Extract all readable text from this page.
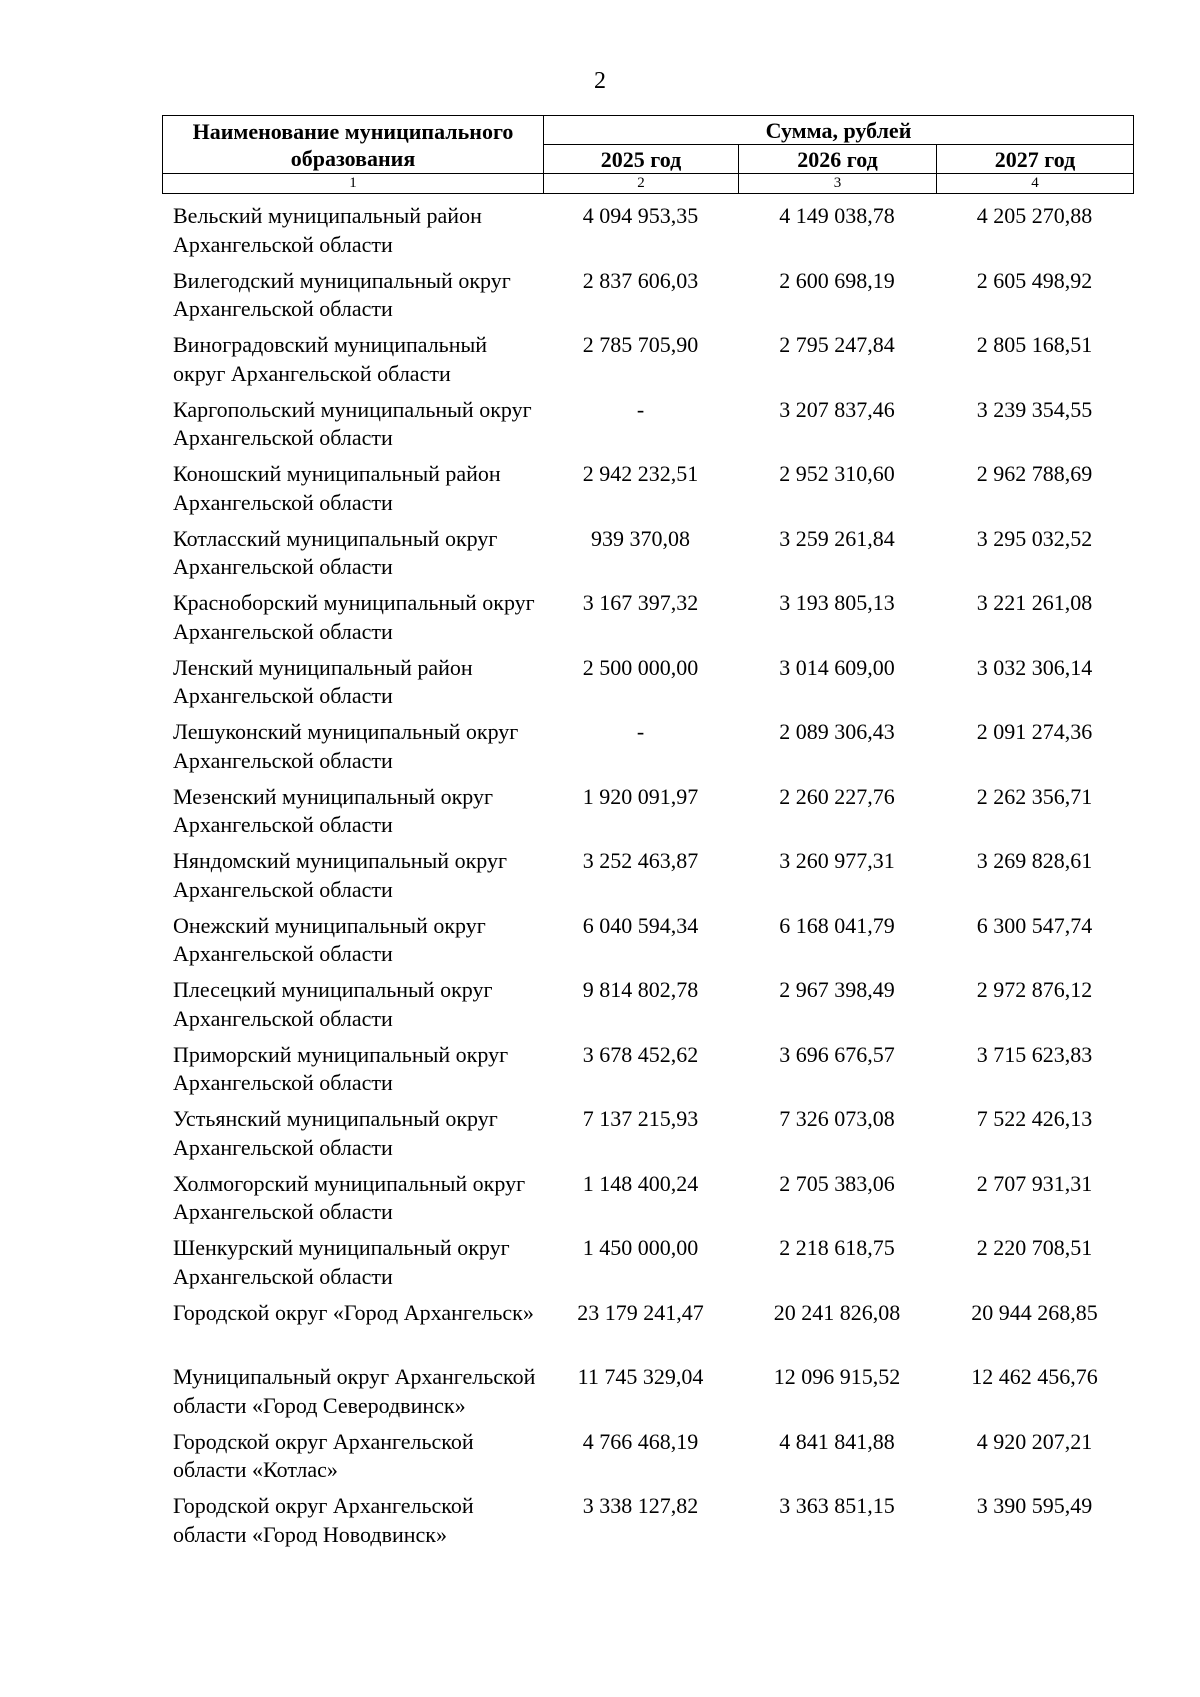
2
Наименование муниципального образования	Сумма, рублей		
	2025 год	2026 год	2027 год
1	2	3	4
Вельский муниципальный район Архангельской области
4 094 953,35	4 149 038,78	4 205 270,88
Вилегодский муниципальный округ Архангельской области
2 837 606,03	2 600 698,19	2 605 498,92
Виноградовский муниципальный округ Архангельской области
2 785 705,90	2 795 247,84	2 805 168,51
Каргопольский муниципальный округ Архангельской области
-	3 207 837,46	3 239 354,55
Коношский муниципальный район Архангельской области
2 942 232,51	2 952 310,60	2 962 788,69
Котласский муниципальный округ Архангельской области
939 370,08	3 259 261,84	3 295 032,52
Красноборский муниципальный округ Архангельской области
3 167 397,32	3 193 805,13	3 221 261,08
Ленский муниципальный район Архангельской области
2 500 000,00	3 014 609,00	3 032 306,14
Лешуконский муниципальный округ Архангельской области
-	2 089 306,43	2 091 274,36
Мезенский муниципальный округ Архангельской области
1 920 091,97	2 260 227,76	2 262 356,71
Няндомский муниципальный округ Архангельской области
3 252 463,87	3 260 977,31	3 269 828,61
Онежский муниципальный округ Архангельской области
6 040 594,34	6 168 041,79	6 300 547,74
Плесецкий муниципальный округ Архангельской области
9 814 802,78	2 967 398,49	2 972 876,12
Приморский муниципальный округ Архангельской области
3 678 452,62	3 696 676,57	3 715 623,83
Устьянский муниципальный округ Архангельской области
7 137 215,93	7 326 073,08	7 522 426,13
Холмогорский муниципальный округ Архангельской области
1 148 400,24	2 705 383,06	2 707 931,31
Шенкурский муниципальный округ Архангельской области
1 450 000,00	2 218 618,75	2 220 708,51
Городской округ «Город Архангельск»	23 179 241,47	20 241 826,08	20 944 268,85
Муниципальный округ Архангельской области «Город Северодвинск»
11 745 329,04	12 096 915,52	12 462 456,76
Городской округ Архангельской области «Котлас»
4 766 468,19	4 841 841,88	4 920 207,21
Городской округ Архангельской области «Город Новодвинск»
3 338 127,82	3 363 851,15	3 390 595,49
